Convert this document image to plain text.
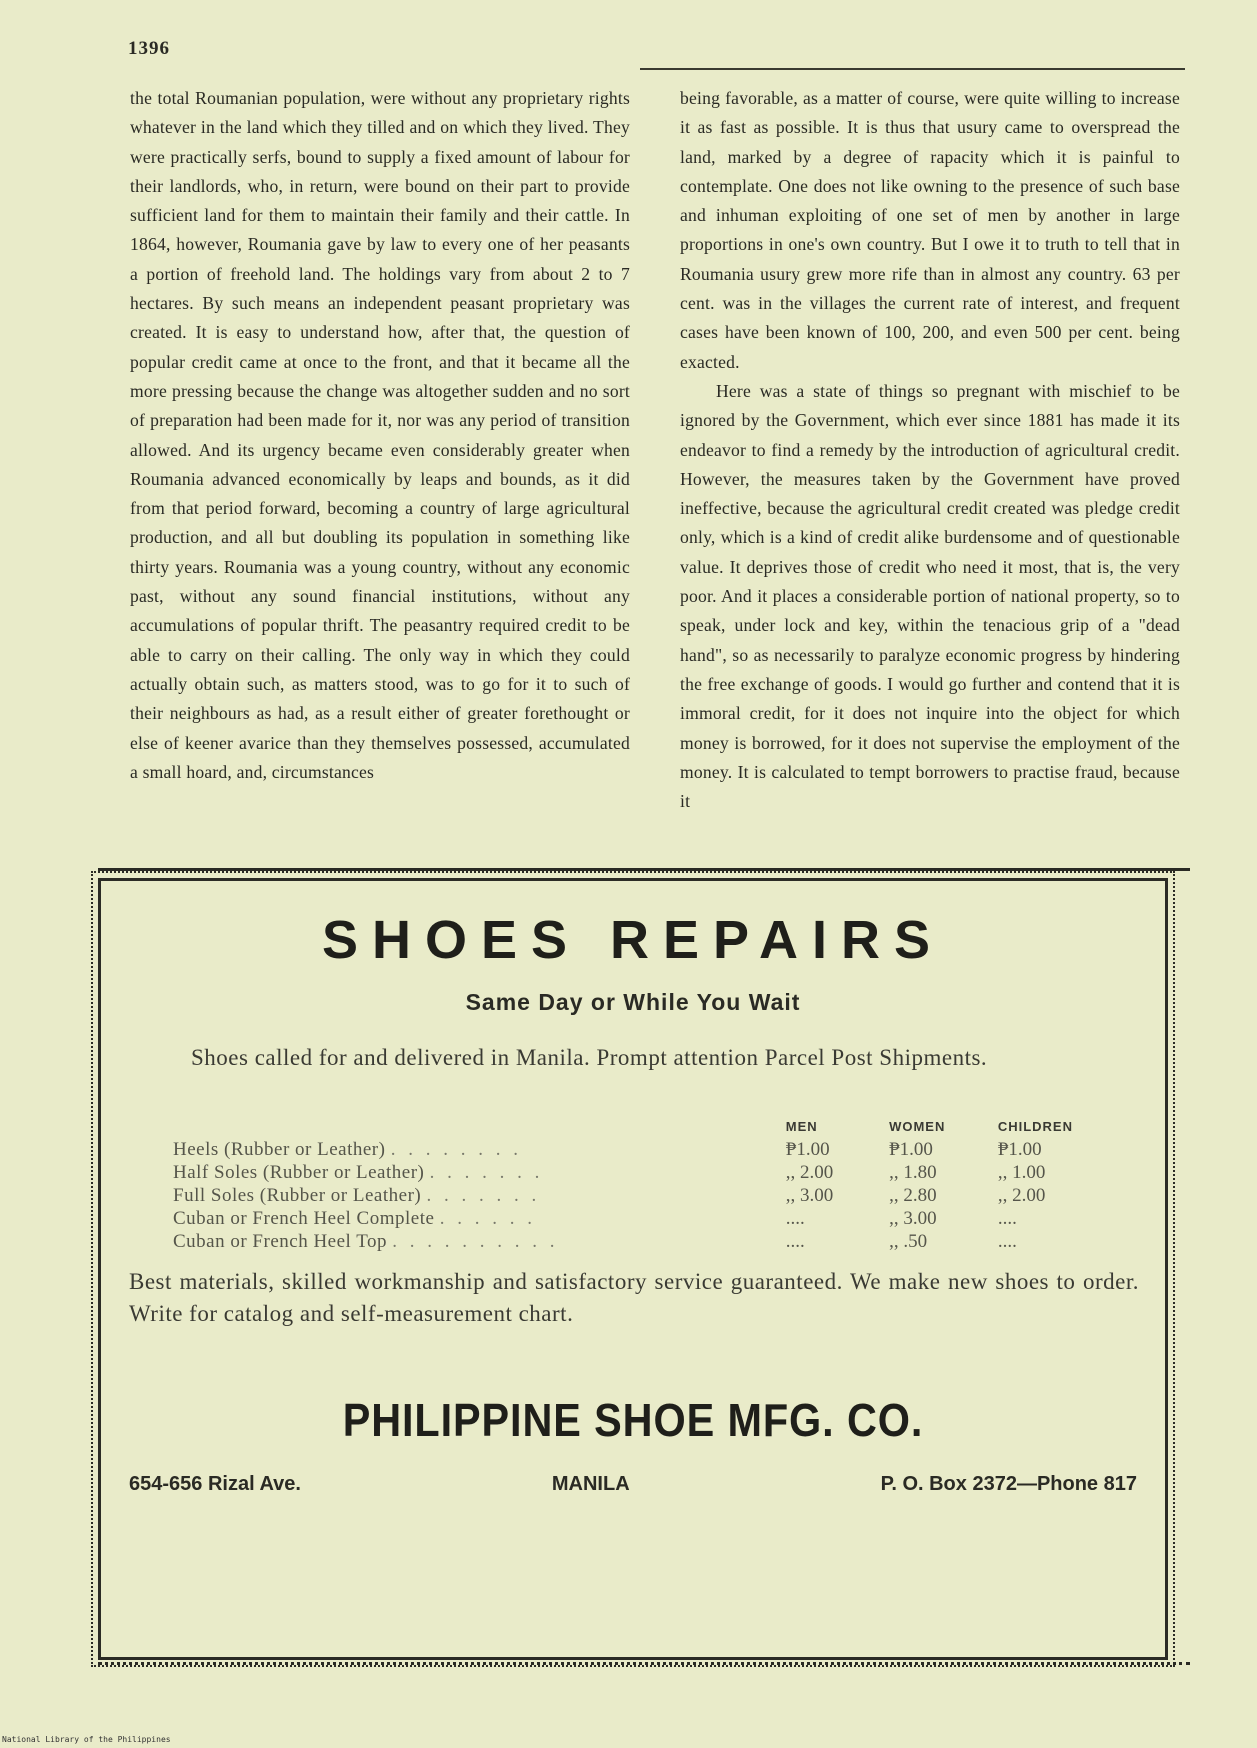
1396

the total Roumanian population, were without any proprietary rights whatever in the land which they tilled and on which they lived. They were practically serfs, bound to supply a fixed amount of labour for their landlords, who, in return, were bound on their part to provide sufficient land for them to maintain their family and their cattle. In 1864, however, Roumania gave by law to every one of her peasants a portion of freehold land. The holdings vary from about 2 to 7 hectares. By such means an independent peasant proprietary was created. It is easy to understand how, after that, the question of popular credit came at once to the front, and that it became all the more pressing because the change was altogether sudden and no sort of preparation had been made for it, nor was any period of transition allowed. And its urgency became even considerably greater when Roumania advanced economically by leaps and bounds, as it did from that period forward, becoming a country of large agricultural production, and all but doubling its population in something like thirty years. Roumania was a young country, without any economic past, without any sound financial institutions, without any accumulations of popular thrift. The peasantry required credit to be able to carry on their calling. The only way in which they could actually obtain such, as matters stood, was to go for it to such of their neighbours as had, as a result either of greater forethought or else of keener avarice than they themselves possessed, accumulated a small hoard, and, circumstances

being favorable, as a matter of course, were quite willing to increase it as fast as possible. It is thus that usury came to overspread the land, marked by a degree of rapacity which it is painful to contemplate. One does not like owning to the presence of such base and inhuman exploiting of one set of men by another in large proportions in one's own country. But I owe it to truth to tell that in Roumania usury grew more rife than in almost any country. 63 per cent. was in the villages the current rate of interest, and frequent cases have been known of 100, 200, and even 500 per cent. being exacted.

Here was a state of things so pregnant with mischief to be ignored by the Government, which ever since 1881 has made it its endeavor to find a remedy by the introduction of agricultural credit. However, the measures taken by the Government have proved ineffective, because the agricultural credit created was pledge credit only, which is a kind of credit alike burdensome and of questionable value. It deprives those of credit who need it most, that is, the very poor. And it places a considerable portion of national property, so to speak, under lock and key, within the tenacious grip of a "dead hand", so as necessarily to paralyze economic progress by hindering the free exchange of goods. I would go further and contend that it is immoral credit, for it does not inquire into the object for which money is borrowed, for it does not supervise the employment of the money. It is calculated to tempt borrowers to practise fraud, because it

SHOES REPAIRS
Same Day or While You Wait
Shoes called for and delivered in Manila. Prompt attention Parcel Post Shipments.
	MEN	WOMEN	CHILDREN
Heels (Rubber or Leather) . . . . . . . .	₱1.00	₱1.00	₱1.00
Half Soles (Rubber or Leather) . . . . . . .	,, 2.00	,, 1.80	,, 1.00
Full Soles (Rubber or Leather) . . . . . . .	,, 3.00	,, 2.80	,, 2.00
Cuban or French Heel Complete . . . . . .	....	,, 3.00	....
Cuban or French Heel Top . . . . . . . . . .	....	,, .50	....
Best materials, skilled workmanship and satisfactory service guaranteed. We make new shoes to order. Write for catalog and self-measurement chart.
PHILIPPINE SHOE MFG. CO.
654-656 Rizal Ave.	MANILA	P. O. Box 2372—Phone 817
National Library of the Philippines
